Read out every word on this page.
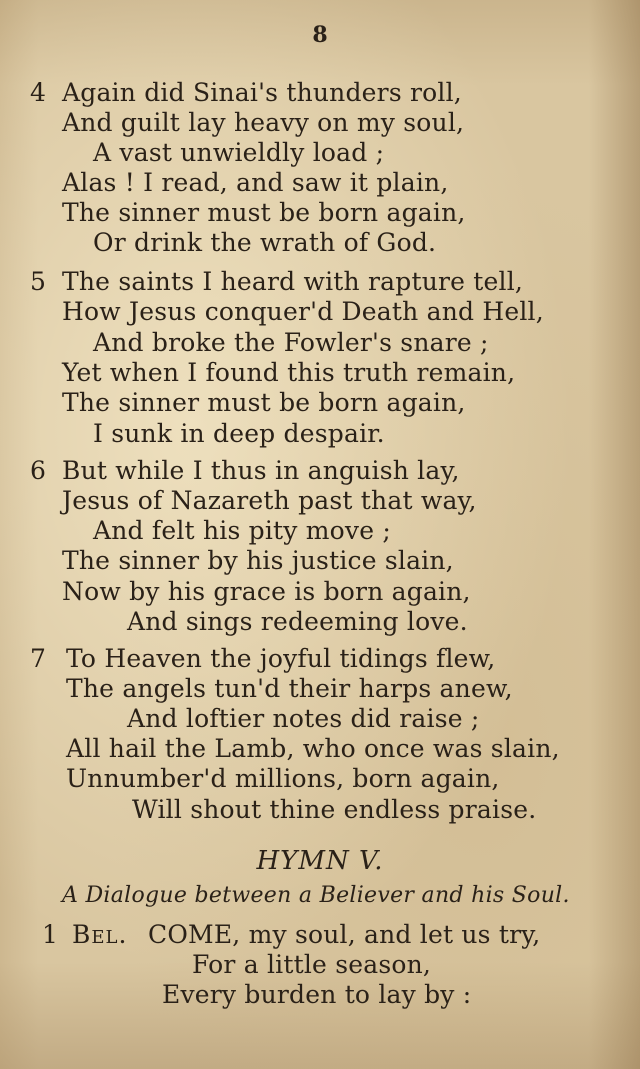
8
4 Again did Sinai's thunders roll,
And guilt lay heavy on my soul,
A vast unwieldly load ;
Alas ! I read, and saw it plain,
The sinner must be born again,
Or drink the wrath of God.
5 The saints I heard with rapture tell,
How Jesus conquer'd Death and Hell,
And broke the Fowler's snare ;
Yet when I found this truth remain,
The sinner must be born again,
I sunk in deep despair.
6 But while I thus in anguish lay,
Jesus of Nazareth past that way,
And felt his pity move ;
The sinner by his justice slain,
Now by his grace is born again,
And sings redeeming love.
7 To Heaven the joyful tidings flew,
The angels tun'd their harps anew,
And loftier notes did raise ;
All hail the Lamb, who once was slain,
Unnumber'd millions, born again,
Will shout thine endless praise.
HYMN V.
A Dialogue between a Believer and his Soul.
1 Bel. COME, my soul, and let us try,
For a little season,
Every burden to lay by :
